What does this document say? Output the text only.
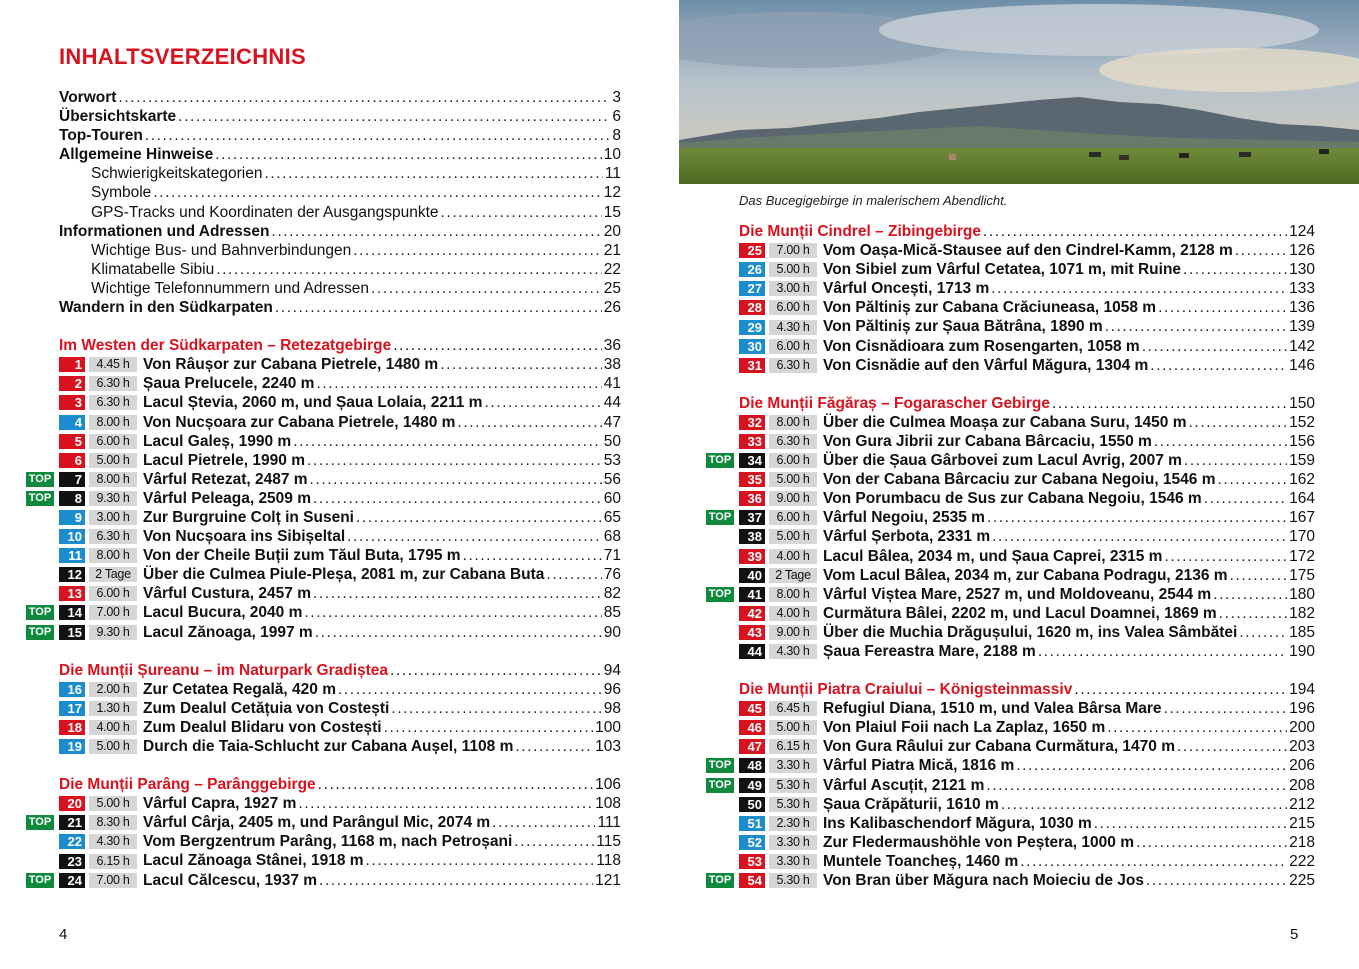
INHALTSVERZEICHNIS
Vorwort .....	3
Übersichtskarte .....	6
Top-Touren .....	8
Allgemeine Hinweise .....	10
Schwierigkeitskategorien .....	11
Symbole .....	12
GPS-Tracks und Koordinaten der Ausgangspunkte .....	15
Informationen und Adressen .....	20
Wichtige Bus- und Bahnverbindungen .....	21
Klimatabelle Sibiu .....	22
Wichtige Telefonnummern und Adressen .....	25
Wandern in den Südkarpaten .....	26
Im Westen der Südkarpaten – Retezatgebirge .....	36
1	4.45 h Von Râușor zur Cabana Pietrele, 1480 m .....	38
2	6.30 h Șaua Prelucele, 2240 m .....	41
3	6.30 h Lacul Ștevia, 2060 m, und Șaua Lolaia, 2211 m .....	44
4	8.00 h Von Nucșoara zur Cabana Pietrele, 1480 m .....	47
5	6.00 h Lacul Galeș, 1990 m .....	50
6	5.00 h Lacul Pietrele, 1990 m .....	53
TOP	7	8.00 h Vârful Retezat, 2487 m .....	56
TOP	8	9.30 h Vârful Peleaga, 2509 m .....	60
9	3.00 h Zur Burgruine Colț in Suseni .....	65
10	6.30 h Von Nucșoara ins Sibișeltal .....	68
11	8.00 h Von der Cheile Buții zum Tăul Buta, 1795 m .....	71
12	2 Tage Über die Culmea Piule-Pleșa, 2081 m, zur Cabana Buta .....	76
13	6.00 h Vârful Custura, 2457 m .....	82
TOP	14	7.00 h Lacul Bucura, 2040 m .....	85
TOP	15	9.30 h Lacul Zănoaga, 1997 m .....	90
Die Munții Șureanu – im Naturpark Gradiștea .....	94
16	2.00 h Zur Cetatea Regală, 420 m .....	96
17	1.30 h Zum Dealul Cetățuia von Costești .....	98
18	4.00 h Zum Dealul Blidaru von Costești .....	100
19	5.00 h Durch die Taia-Schlucht zur Cabana Aușel, 1108 m .....	103
Die Munții Parâng – Parânggebirge .....	106
20	5.00 h Vârful Capra, 1927 m .....	108
TOP	21	8.30 h Vârful Cârja, 2405 m, und Parângul Mic, 2074 m .....	111
22	4.30 h Vom Bergzentrum Parâng, 1168 m, nach Petroșani .....	115
23	6.15 h Lacul Zănoaga Stânei, 1918 m .....	118
TOP	24	7.00 h Lacul Călcescu, 1937 m .....	121
4
Das Bucegigebirge in malerischem Abendlicht.
Die Munții Cindrel – Zibingebirge .....	124
25	7.00 h Vom Oașa-Mică-Stausee auf den Cindrel-Kamm, 2128 m .....	126
26	5.00 h Von Sibiel zum Vârful Cetatea, 1071 m, mit Ruine .....	130
27	3.00 h Vârful Oncești, 1713 m .....	133
28	6.00 h Von Păltiniș zur Cabana Crăciuneasa, 1058 m .....	136
29	4.30 h Von Păltiniș zur Șaua Bătrâna, 1890 m .....	139
30	6.00 h Von Cisnădioara zum Rosengarten, 1058 m .....	142
31	6.30 h Von Cisnădie auf den Vârful Măgura, 1304 m .....	146
Die Munții Făgăraș – Fogarascher Gebirge .....	150
32	8.00 h Über die Culmea Moașa zur Cabana Suru, 1450 m .....	152
33	6.30 h Von Gura Jibrii zur Cabana Bârcaciu, 1550 m .....	156
TOP	34	6.00 h Über die Șaua Gârbovei zum Lacul Avrig, 2007 m .....	159
35	5.00 h Von der Cabana Bârcaciu zur Cabana Negoiu, 1546 m .....	162
36	9.00 h Von Porumbacu de Sus zur Cabana Negoiu, 1546 m .....	164
TOP	37	6.00 h Vârful Negoiu, 2535 m .....	167
38	5.00 h Vârful Șerbota, 2331 m .....	170
39	4.00 h Lacul Bâlea, 2034 m, und Șaua Caprei, 2315 m .....	172
40	2 Tage Vom Lacul Bâlea, 2034 m, zur Cabana Podragu, 2136 m .....	175
TOP	41	8.00 h Vârful Viștea Mare, 2527 m, und Moldoveanu, 2544 m .....	180
42	4.00 h Curmătura Bâlei, 2202 m, und Lacul Doamnei, 1869 m .....	182
43	9.00 h Über die Muchia Drăgușului, 1620 m, ins Valea Sâmbătei .....	185
44	4.30 h Șaua Fereastra Mare, 2188 m .....	190
Die Munții Piatra Craiului – Königsteinmassiv .....	194
45	6.45 h Refugiul Diana, 1510 m, und Valea Bârsa Mare .....	196
46	5.00 h Von Plaiul Foii nach La Zaplaz, 1650 m .....	200
47	6.15 h Von Gura Râului zur Cabana Curmătura, 1470 m .....	203
TOP	48	3.30 h Vârful Piatra Mică, 1816 m .....	206
TOP	49	5.30 h Vârful Ascuțit, 2121 m .....	208
50	5.30 h Șaua Crăpăturii, 1610 m .....	212
51	2.30 h Ins Kalibaschendorf Măgura, 1030 m .....	215
52	3.30 h Zur Fledermaushöhle von Peștera, 1000 m .....	218
53	3.30 h Muntele Toancheș, 1460 m .....	222
TOP	54	5.30 h Von Bran über Măgura nach Moieciu de Jos .....	225
5
